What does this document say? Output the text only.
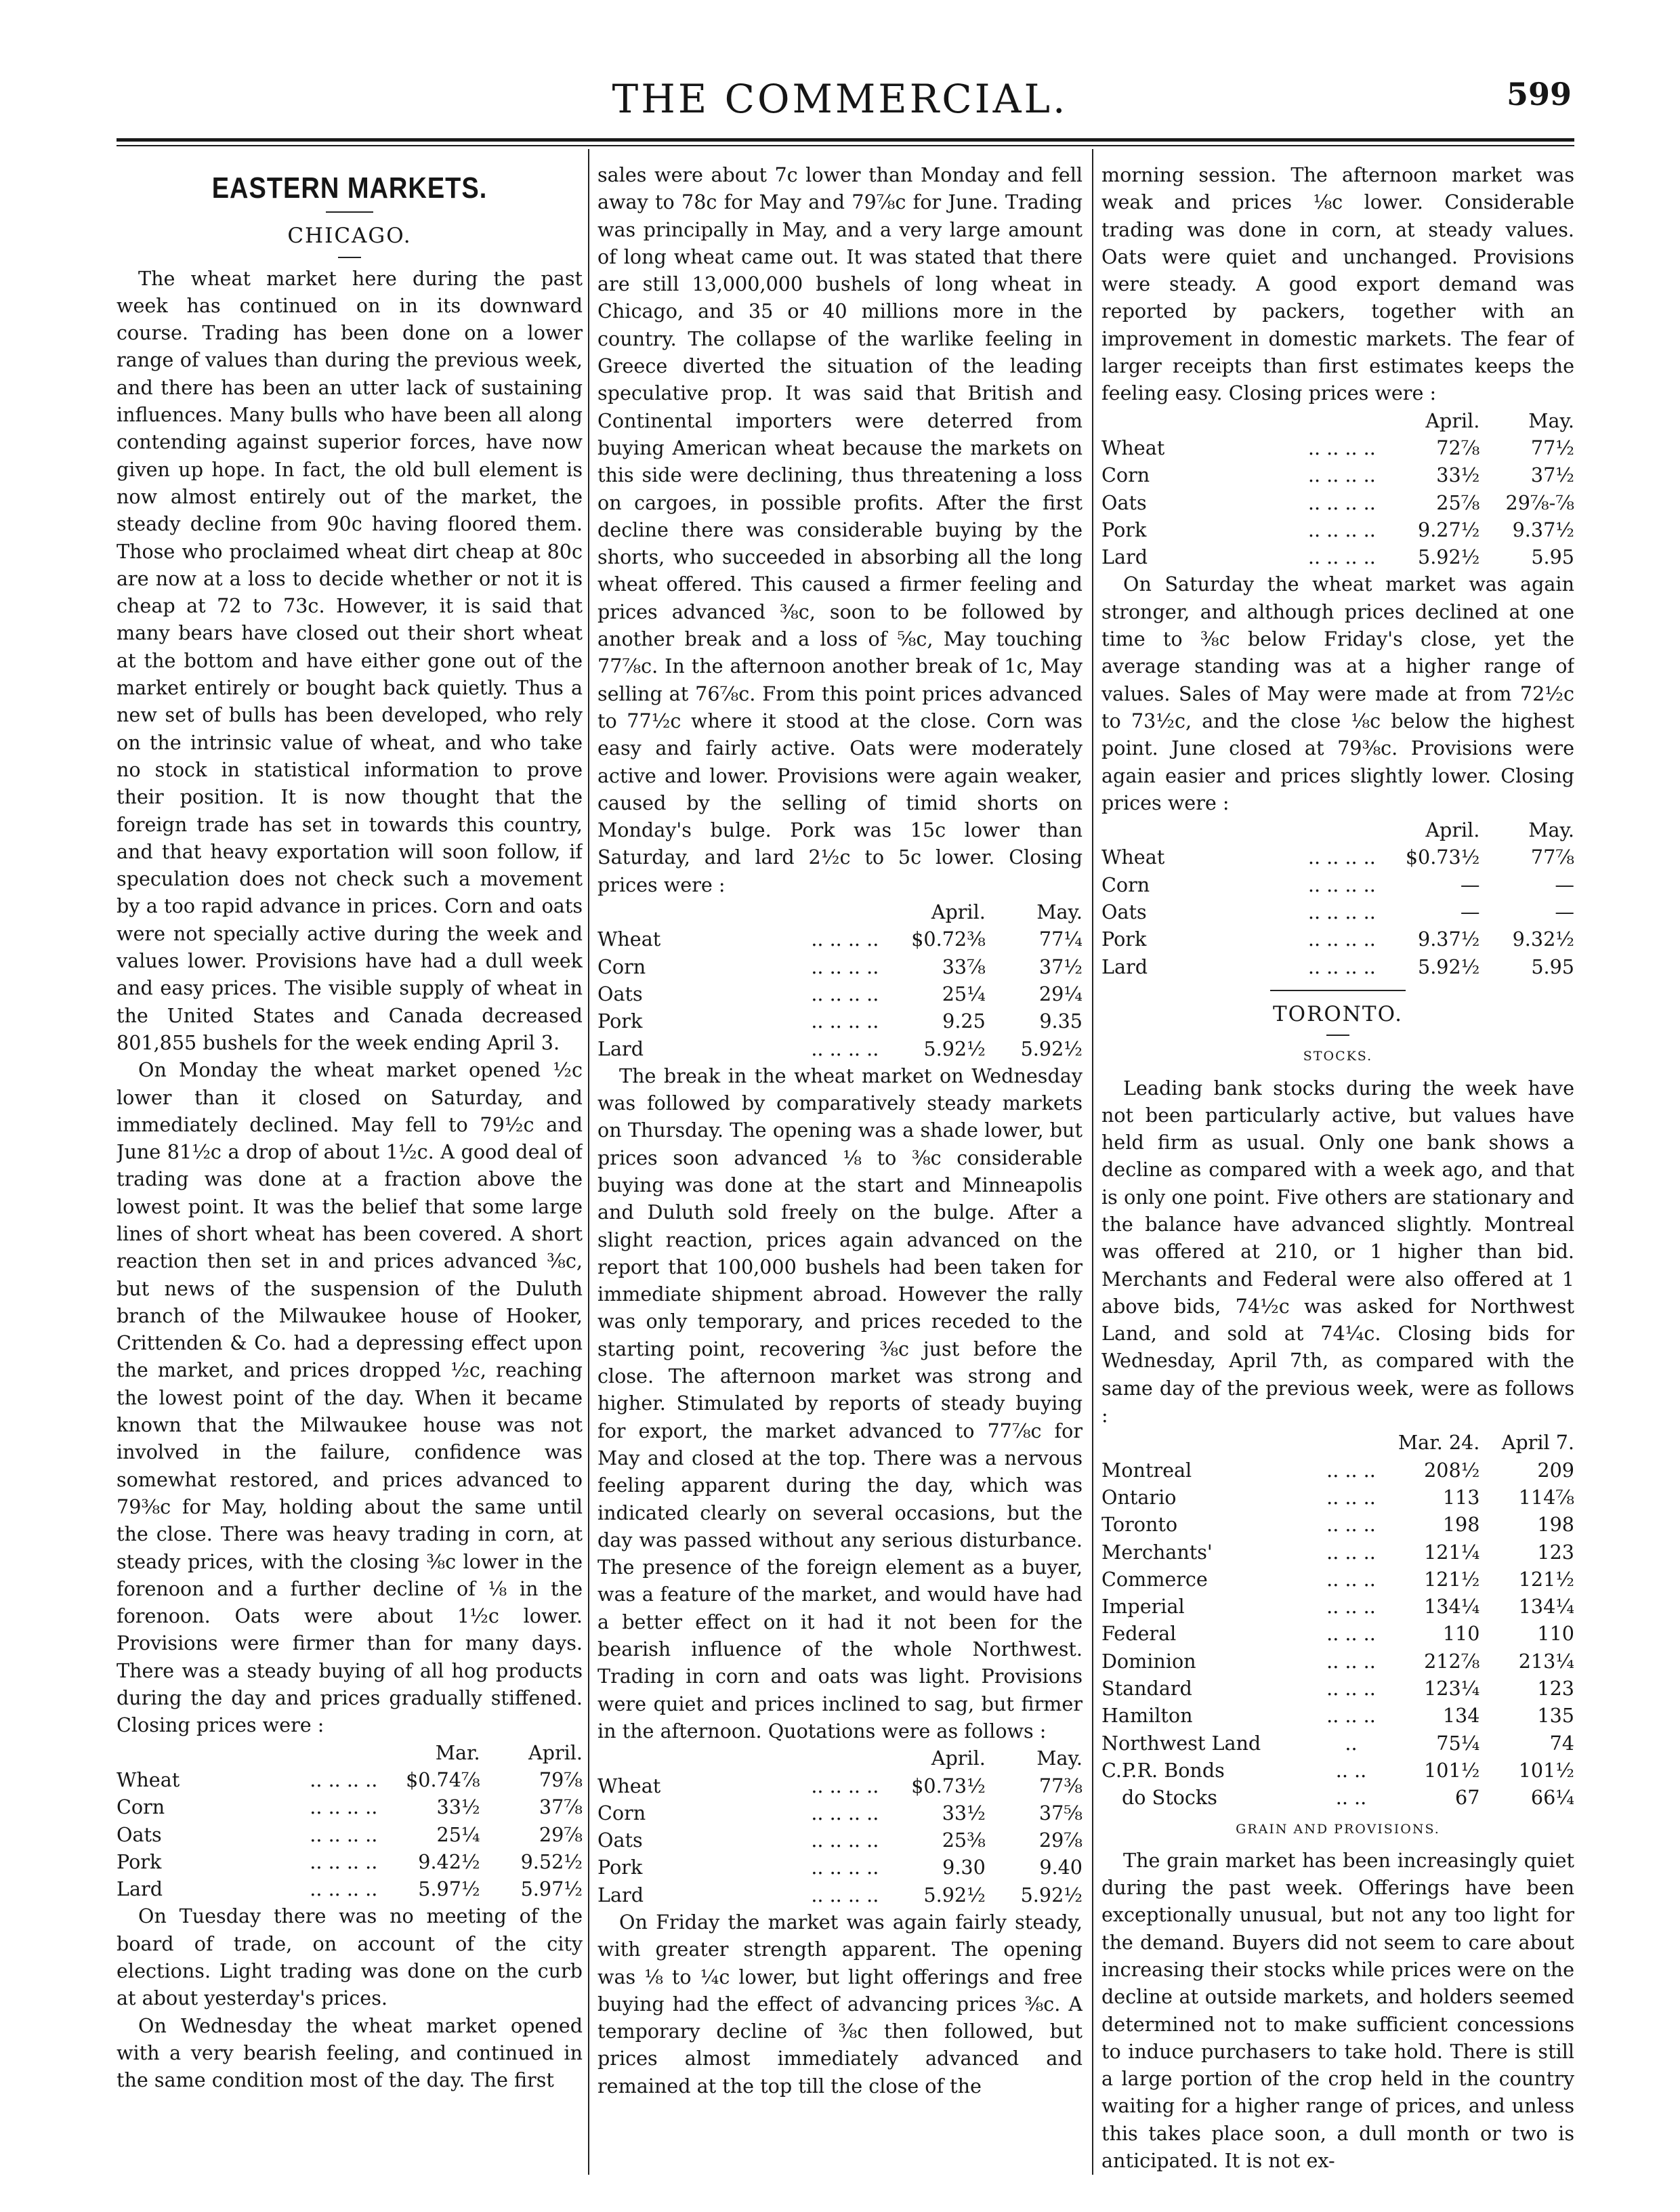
THE COMMERCIAL.	599
EASTERN MARKETS.
CHICAGO.

The wheat market here during the past week has continued on in its downward course. Trading has been done on a lower range of values than during the previous week, and there has been an utter lack of sustaining influences. Many bulls who have been all along contending against superior forces, have now given up hope. In fact, the old bull element is now almost entirely out of the market, the steady decline from 90c having floored them. Those who proclaimed wheat dirt cheap at 80c are now at a loss to decide whether or not it is cheap at 72 to 73c. However, it is said that many bears have closed out their short wheat at the bottom and have either gone out of the market entirely or bought back quietly. Thus a new set of bulls has been developed, who rely on the intrinsic value of wheat, and who take no stock in statistical information to prove their position. It is now thought that the foreign trade has set in towards this country, and that heavy exportation will soon follow, if speculation does not check such a movement by a too rapid advance in prices. Corn and oats were not specially active during the week and values lower. Provisions have had a dull week and easy prices. The visible supply of wheat in the United States and Canada decreased 801,855 bushels for the week ending April 3.

On Monday the wheat market opened ½c lower than it closed on Saturday, and immediately declined. May fell to 79½c and June 81½c a drop of about 1½c. A good deal of trading was done at a fraction above the lowest point. It was the belief that some large lines of short wheat has been covered. A short reaction then set in and prices advanced ⅜c, but news of the suspension of the Duluth branch of the Milwaukee house of Hooker, Crittenden & Co. had a depressing effect upon the market, and prices dropped ½c, reaching the lowest point of the day. When it became known that the Milwaukee house was not involved in the failure, confidence was somewhat restored, and prices advanced to 79⅜c for May, holding about the same until the close. There was heavy trading in corn, at steady prices, with the closing ⅜c lower in the forenoon and a further decline of ⅛ in the forenoon. Oats were about 1½c lower. Provisions were firmer than for many days. There was a steady buying of all hog products during the day and prices gradually stiffened. Closing prices were :

		Mar.	April.
Wheat	.. .. .. ..	$0.74⅞	79⅞
Corn	.. .. .. ..	33½	37⅞
Oats	.. .. .. ..	25¼	29⅞
Pork	.. .. .. ..	9.42½	9.52½
Lard	.. .. .. ..	5.97½	5.97½

On Tuesday there was no meeting of the board of trade, on account of the city elections. Light trading was done on the curb at about yesterday's prices.

On Wednesday the wheat market opened with a very bearish feeling, and continued in the same condition most of the day. The first

sales were about 7c lower than Monday and fell away to 78c for May and 79⅞c for June. Trading was principally in May, and a very large amount of long wheat came out. It was stated that there are still 13,000,000 bushels of long wheat in Chicago, and 35 or 40 millions more in the country. The collapse of the warlike feeling in Greece diverted the situation of the leading speculative prop. It was said that British and Continental importers were deterred from buying American wheat because the markets on this side were declining, thus threatening a loss on cargoes, in possible profits. After the first decline there was considerable buying by the shorts, who succeeded in absorbing all the long wheat offered. This caused a firmer feeling and prices advanced ⅜c, soon to be followed by another break and a loss of ⅝c, May touching 77⅞c. In the afternoon another break of 1c, May selling at 76⅞c. From this point prices advanced to 77½c where it stood at the close. Corn was easy and fairly active. Oats were moderately active and lower. Provisions were again weaker, caused by the selling of timid shorts on Monday's bulge. Pork was 15c lower than Saturday, and lard 2½c to 5c lower. Closing prices were :

		April.	May.
Wheat	.. .. .. ..	$0.72⅜	77¼
Corn	.. .. .. ..	33⅞	37½
Oats	.. .. .. ..	25¼	29¼
Pork	.. .. .. ..	9.25	9.35
Lard	.. .. .. ..	5.92½	5.92½

The break in the wheat market on Wednesday was followed by comparatively steady markets on Thursday. The opening was a shade lower, but prices soon advanced ⅛ to ⅜c considerable buying was done at the start and Minneapolis and Duluth sold freely on the bulge. After a slight reaction, prices again advanced on the report that 100,000 bushels had been taken for immediate shipment abroad. However the rally was only temporary, and prices receded to the starting point, recovering ⅜c just before the close. The afternoon market was strong and higher. Stimulated by reports of steady buying for export, the market advanced to 77⅞c for May and closed at the top. There was a nervous feeling apparent during the day, which was indicated clearly on several occasions, but the day was passed without any serious disturbance. The presence of the foreign element as a buyer, was a feature of the market, and would have had a better effect on it had it not been for the bearish influence of the whole Northwest. Trading in corn and oats was light. Provisions were quiet and prices inclined to sag, but firmer in the afternoon. Quotations were as follows :

		April.	May.
Wheat	.. .. .. ..	$0.73½	77⅜
Corn	.. .. .. ..	33½	37⅝
Oats	.. .. .. ..	25⅜	29⅞
Pork	.. .. .. ..	9.30	9.40
Lard	.. .. .. ..	5.92½	5.92½

On Friday the market was again fairly steady, with greater strength apparent. The opening was ⅛ to ¼c lower, but light offerings and free buying had the effect of advancing prices ⅜c. A temporary decline of ⅜c then followed, but prices almost immediately advanced and remained at the top till the close of the

morning session. The afternoon market was weak and prices ⅛c lower. Considerable trading was done in corn, at steady values. Oats were quiet and unchanged. Provisions were steady. A good export demand was reported by packers, together with an improvement in domestic markets. The fear of larger receipts than first estimates keeps the feeling easy. Closing prices were :

		April.	May.
Wheat	.. .. .. ..	72⅞	77½
Corn	.. .. .. ..	33½	37½
Oats	.. .. .. ..	25⅞	29⅞-⅞
Pork	.. .. .. ..	9.27½	9.37½
Lard	.. .. .. ..	5.92½	5.95

On Saturday the wheat market was again stronger, and although prices declined at one time to ⅜c below Friday's close, yet the average standing was at a higher range of values. Sales of May were made at from 72½c to 73½c, and the close ⅛c below the highest point. June closed at 79⅜c. Provisions were again easier and prices slightly lower. Closing prices were :

		April.	May.
Wheat	.. .. .. ..	$0.73½	77⅞
Corn	.. .. .. ..	—	—
Oats	.. .. .. ..	—	—
Pork	.. .. .. ..	9.37½	9.32½
Lard	.. .. .. ..	5.92½	5.95
TORONTO.
STOCKS.

Leading bank stocks during the week have not been particularly active, but values have held firm as usual. Only one bank shows a decline as compared with a week ago, and that is only one point. Five others are stationary and the balance have advanced slightly. Montreal was offered at 210, or 1 higher than bid. Merchants and Federal were also offered at 1 above bids, 74½c was asked for Northwest Land, and sold at 74¼c. Closing bids for Wednesday, April 7th, as compared with the same day of the previous week, were as follows :

		Mar. 24.	April 7.
Montreal	.. .. ..	208½	209
Ontario	.. .. ..	113	114⅞
Toronto	.. .. ..	198	198
Merchants'	.. .. ..	121¼	123
Commerce	.. .. ..	121½	121½
Imperial	.. .. ..	134¼	134¼
Federal	.. .. ..	110	110
Dominion	.. .. ..	212⅞	213¼
Standard	.. .. ..	123¼	123
Hamilton	.. .. ..	134	135
Northwest Land	..	75¼	74
C.P.R. Bonds	.. ..	101½	101½
do Stocks	.. ..	67	66¼
GRAIN AND PROVISIONS.

The grain market has been increasingly quiet during the past week. Offerings have been exceptionally unusual, but not any too light for the demand. Buyers did not seem to care about increasing their stocks while prices were on the decline at outside markets, and holders seemed determined not to make sufficient concessions to induce purchasers to take hold. There is still a large portion of the crop held in the country waiting for a higher range of prices, and unless this takes place soon, a dull month or two is anticipated. It is not ex-
